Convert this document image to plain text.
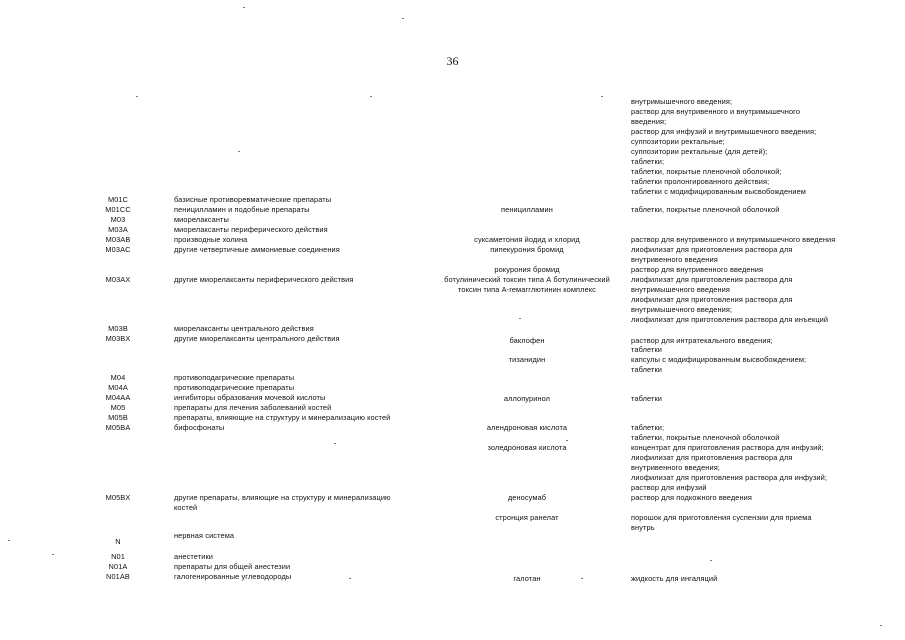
36
внутримышечного введения;
раствор для внутривенного и внутримышечного
введения;
раствор для инфузий и внутримышечного введения;
суппозитории ректальные;
суппозитории ректальные (для детей);
таблетки;
таблетки, покрытые пленочной оболочкой;
таблетки пролонгированного действия;
таблетки с модифицированным высвобождением
M01C	базисные противоревматические препараты
M01CC	пеницилламин и подобные препараты	пеницилламин	таблетки, покрытые пленочной оболочкой
M03	миорелаксанты
M03A	миорелаксанты периферического действия
M03AB	производные холина	суксаметония йодид и хлорид	раствор для внутривенного и внутримышечного введения
M03AC	другие четвертичные аммониевые соединения	пипекурония бромид	лиофилизат для приготовления раствора для
внутривенного введения
рокурония бромид	раствор для внутривенного введения
M03AX	другие миорелаксанты периферического действия	ботулинический токсин типа А ботулинический	лиофилизат для приготовления раствора для
токсин типа А-гемагглютинин комплекс	внутримышечного введения
лиофилизат для приготовления раствора для
внутримышечного введения;
лиофилизат для приготовления раствора для инъекций
M03B	миорелаксанты центрального действия
M03BX	другие миорелаксанты центрального действия	баклофен	раствор для интратекального введения;
таблетки
тизанидин	капсулы с модифицированным высвобождением;
таблетки
M04	противоподагрические препараты
M04A	противоподагрические препараты
M04AA	ингибиторы образования мочевой кислоты	аллопуринол	таблетки
M05	препараты для лечения заболеваний костей
M05B	препараты, влияющие на структуру и минерализацию костей
M05BA	бифосфонаты	алендроновая кислота	таблетки;
таблетки, покрытые пленочной оболочкой
золедроновая кислота	концентрат для приготовления раствора для инфузий;
лиофилизат для приготовления раствора для
внутривенного введения;
лиофилизат для приготовления раствора для инфузий;
раствор для инфузий
M05BX	другие препараты, влияющие на структуру и минерализацию	деносумаб	раствор для подкожного введения
костей
стронция ранелат	порошок для приготовления суспензии для приема
внутрь
N
нервная система
N01	анестетики
N01A	препараты для общей анестезии
N01AB	галогенированные углеводороды	галотан	жидкость для ингаляций
